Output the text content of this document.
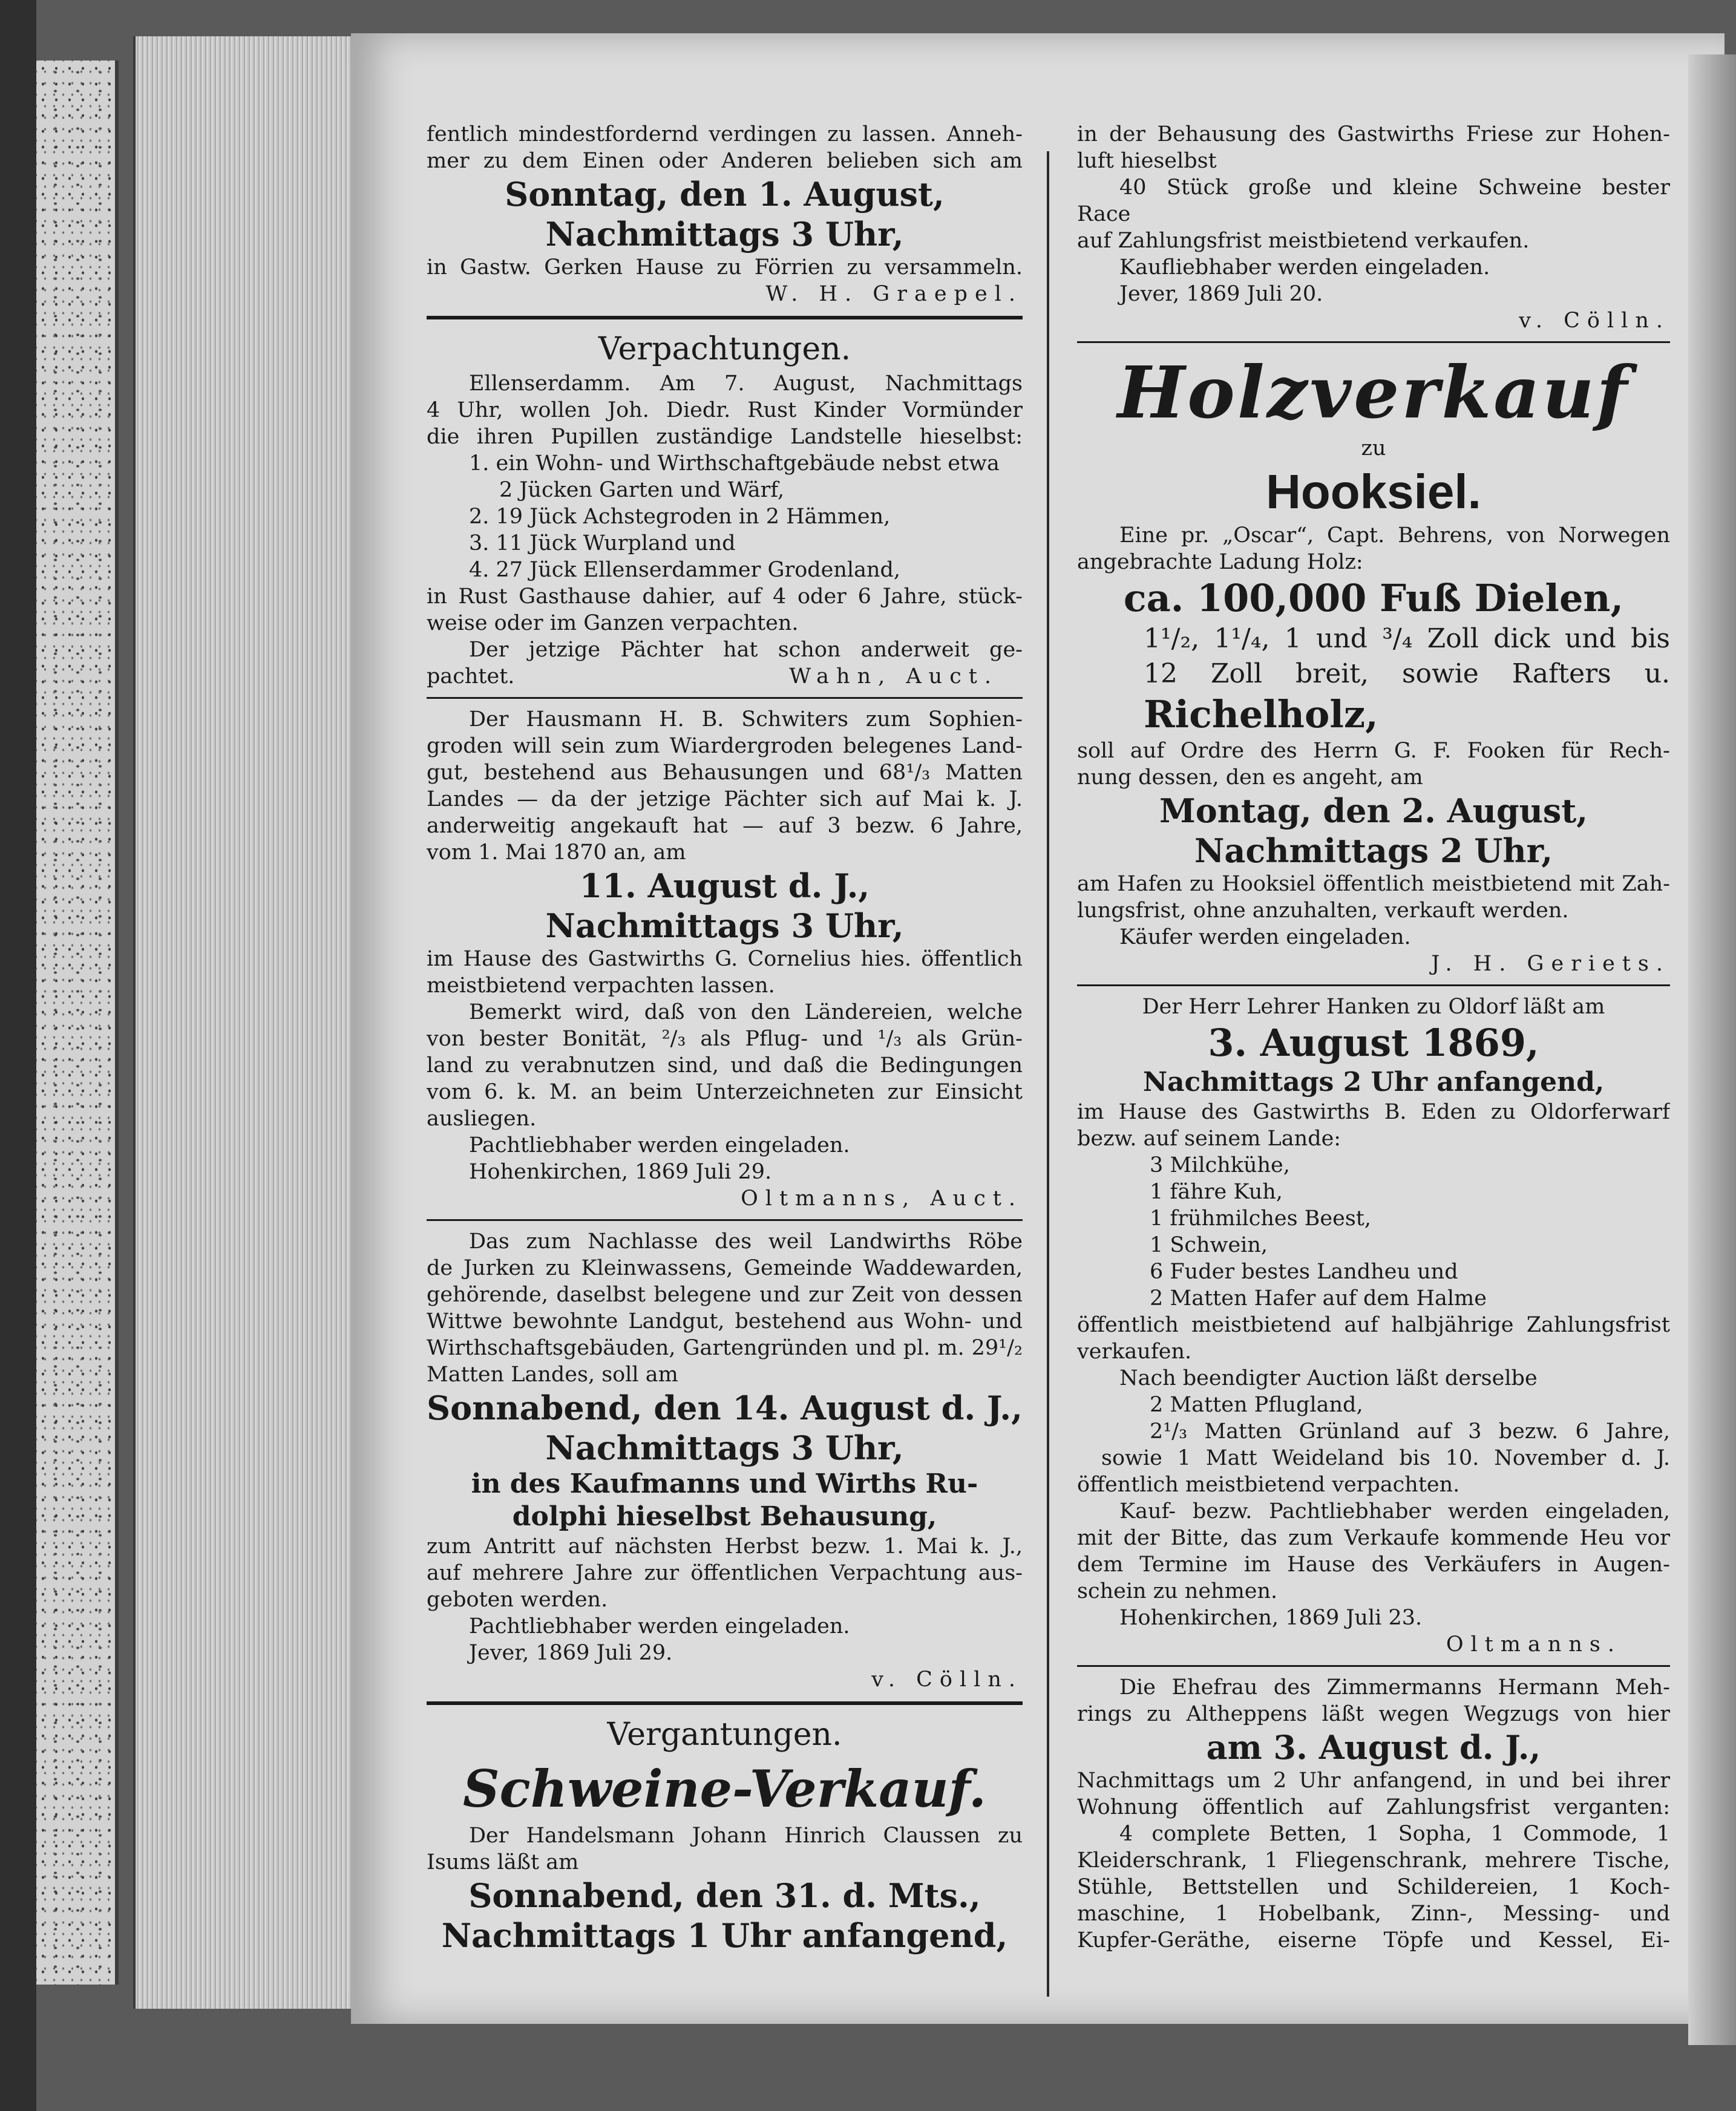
fentlich mindestfordernd verdingen zu lassen. Anneh-
mer zu dem Einen oder Anderen belieben sich am
Sonntag, den 1. August,
Nachmittags 3 Uhr,
in Gastw. Gerken Hause zu Förrien zu versammeln.
W. H. Graepel.
Verpachtungen.
Ellenserdamm. Am 7. August, Nachmittags
4 Uhr, wollen Joh. Diedr. Rust Kinder Vormünder
die ihren Pupillen zuständige Landstelle hieselbst:
1. ein Wohn- und Wirthschaftgebäude nebst etwa
2 Jücken Garten und Wärf,
2. 19 Jück Achstegroden in 2 Hämmen,
3. 11 Jück Wurpland und
4. 27 Jück Ellenserdammer Grodenland,
in Rust Gasthause dahier, auf 4 oder 6 Jahre, stück-
weise oder im Ganzen verpachten.
Der jetzige Pächter hat schon anderweit ge-
pachtet.	Wahn, Auct.
Der Hausmann H. B. Schwiters zum Sophien-
groden will sein zum Wiardergroden belegenes Land-
gut, bestehend aus Behausungen und 68¹/₃ Matten
Landes — da der jetzige Pächter sich auf Mai k. J.
anderweitig angekauft hat — auf 3 bezw. 6 Jahre,
vom 1. Mai 1870 an, am
11. August d. J.,
Nachmittags 3 Uhr,
im Hause des Gastwirths G. Cornelius hies. öffentlich
meistbietend verpachten lassen.
Bemerkt wird, daß von den Ländereien, welche
von bester Bonität, ²/₃ als Pflug- und ¹/₃ als Grün-
land zu verabnutzen sind, und daß die Bedingungen
vom 6. k. M. an beim Unterzeichneten zur Einsicht
ausliegen.
Pachtliebhaber werden eingeladen.
Hohenkirchen, 1869 Juli 29.
Oltmanns, Auct.
Das zum Nachlasse des weil Landwirths Röbe
de Jurken zu Kleinwassens, Gemeinde Waddewarden,
gehörende, daselbst belegene und zur Zeit von dessen
Wittwe bewohnte Landgut, bestehend aus Wohn- und
Wirthschaftsgebäuden, Gartengründen und pl. m. 29¹/₂
Matten Landes, soll am
Sonnabend, den 14. August d. J.,
Nachmittags 3 Uhr,
in des Kaufmanns und Wirths Ru-
dolphi hieselbst Behausung,
zum Antritt auf nächsten Herbst bezw. 1. Mai k. J.,
auf mehrere Jahre zur öffentlichen Verpachtung aus-
geboten werden.
Pachtliebhaber werden eingeladen.
Jever, 1869 Juli 29.
v. Cölln.
Vergantungen.
Schweine-Verkauf.
Der Handelsmann Johann Hinrich Claussen zu
Isums läßt am
Sonnabend, den 31. d. Mts.,
Nachmittags 1 Uhr anfangend,
in der Behausung des Gastwirths Friese zur Hohen-
luft hieselbst
40 Stück große und kleine Schweine bester
Race
auf Zahlungsfrist meistbietend verkaufen.
Kaufliebhaber werden eingeladen.
Jever, 1869 Juli 20.
v. Cölln.
Holzverkauf
zu
Hooksiel.
Eine pr. „Oscar“, Capt. Behrens, von Norwegen
angebrachte Ladung Holz:
ca. 100,000 Fuß Dielen,
1¹/₂, 1¹/₄, 1 und ³/₄ Zoll dick und bis
12 Zoll breit, sowie Rafters u.
Richelholz,
soll auf Ordre des Herrn G. F. Fooken für Rech-
nung dessen, den es angeht, am
Montag, den 2. August,
Nachmittags 2 Uhr,
am Hafen zu Hooksiel öffentlich meistbietend mit Zah-
lungsfrist, ohne anzuhalten, verkauft werden.
Käufer werden eingeladen.
J. H. Geriets.
Der Herr Lehrer Hanken zu Oldorf läßt am
3. August 1869,
Nachmittags 2 Uhr anfangend,
im Hause des Gastwirths B. Eden zu Oldorferwarf
bezw. auf seinem Lande:
3 Milchkühe,
1 fähre Kuh,
1 frühmilches Beest,
1 Schwein,
6 Fuder bestes Landheu und
2 Matten Hafer auf dem Halme
öffentlich meistbietend auf halbjährige Zahlungsfrist
verkaufen.
Nach beendigter Auction läßt derselbe
2 Matten Pflugland,
2¹/₃ Matten Grünland auf 3 bezw. 6 Jahre,
sowie 1 Matt Weideland bis 10. November d. J.
öffentlich meistbietend verpachten.
Kauf- bezw. Pachtliebhaber werden eingeladen,
mit der Bitte, das zum Verkaufe kommende Heu vor
dem Termine im Hause des Verkäufers in Augen-
schein zu nehmen.
Hohenkirchen, 1869 Juli 23.
Oltmanns.
Die Ehefrau des Zimmermanns Hermann Meh-
rings zu Altheppens läßt wegen Wegzugs von hier
am 3. August d. J.,
Nachmittags um 2 Uhr anfangend, in und bei ihrer
Wohnung öffentlich auf Zahlungsfrist verganten:
4 complete Betten, 1 Sopha, 1 Commode, 1
Kleiderschrank, 1 Fliegenschrank, mehrere Tische,
Stühle, Bettstellen und Schildereien, 1 Koch-
maschine, 1 Hobelbank, Zinn-, Messing- und
Kupfer-Geräthe, eiserne Töpfe und Kessel, Ei-
